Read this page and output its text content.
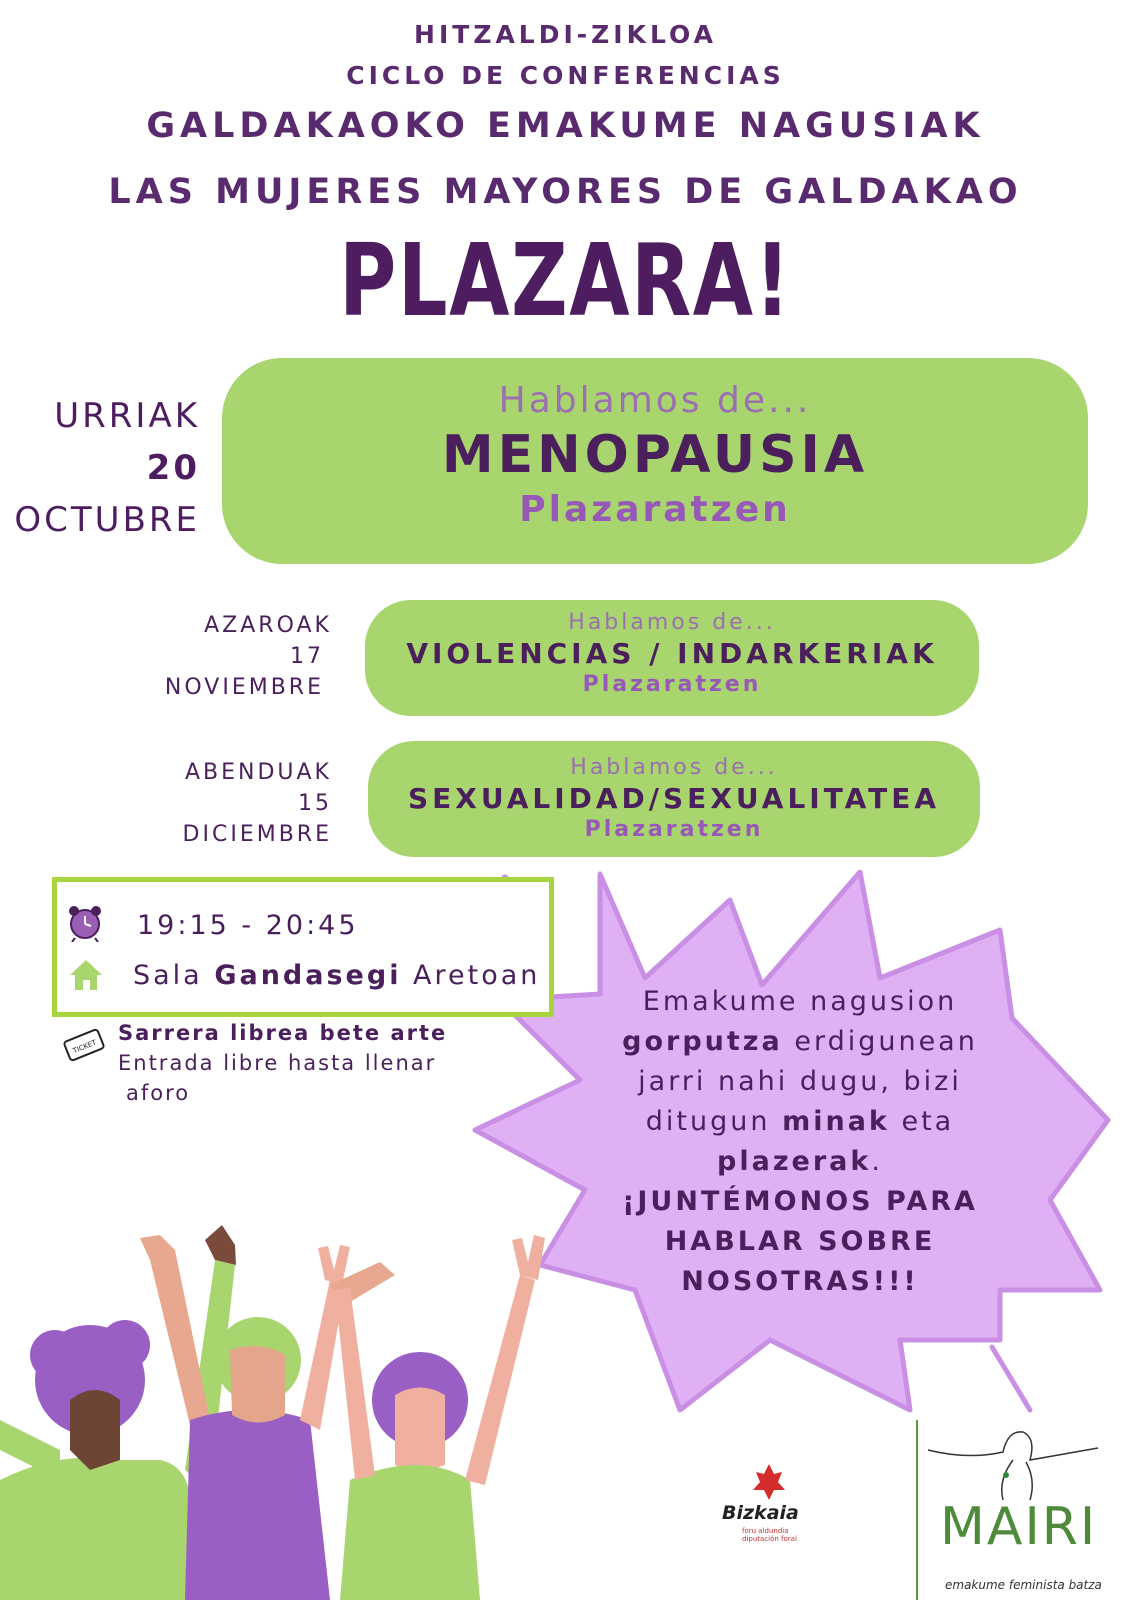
HITZALDI-ZIKLOA
CICLO DE CONFERENCIAS
GALDAKAOKO EMAKUME NAGUSIAK
LAS MUJERES MAYORES DE GALDAKAO
PLAZARA!
URRIAK
20
OCTUBRE
Hablamos de...
MENOPAUSIA
Plazaratzen
AZAROAK
17
NOVIEMBRE
Hablamos de...
VIOLENCIAS / INDARKERIAK
Plazaratzen
ABENDUAK
15
DICIEMBRE
Hablamos de...
SEXUALIDAD/SEXUALITATEA
Plazaratzen
19:15 - 20:45
Sala Gandasegi Aretoan
TICKET
Sarrera librea bete arte
Entrada libre hasta llenar
aforo
Emakume nagusion
gorputza erdigunean
jarri nahi dugu, bizi
ditugun minak eta
plazerak.
¡JUNTÉMONOS PARA
HABLAR SOBRE
NOSOTRAS!!!
Bizkaia
foru aldundia
diputación foral	MAIRI
emakume feminista batza
